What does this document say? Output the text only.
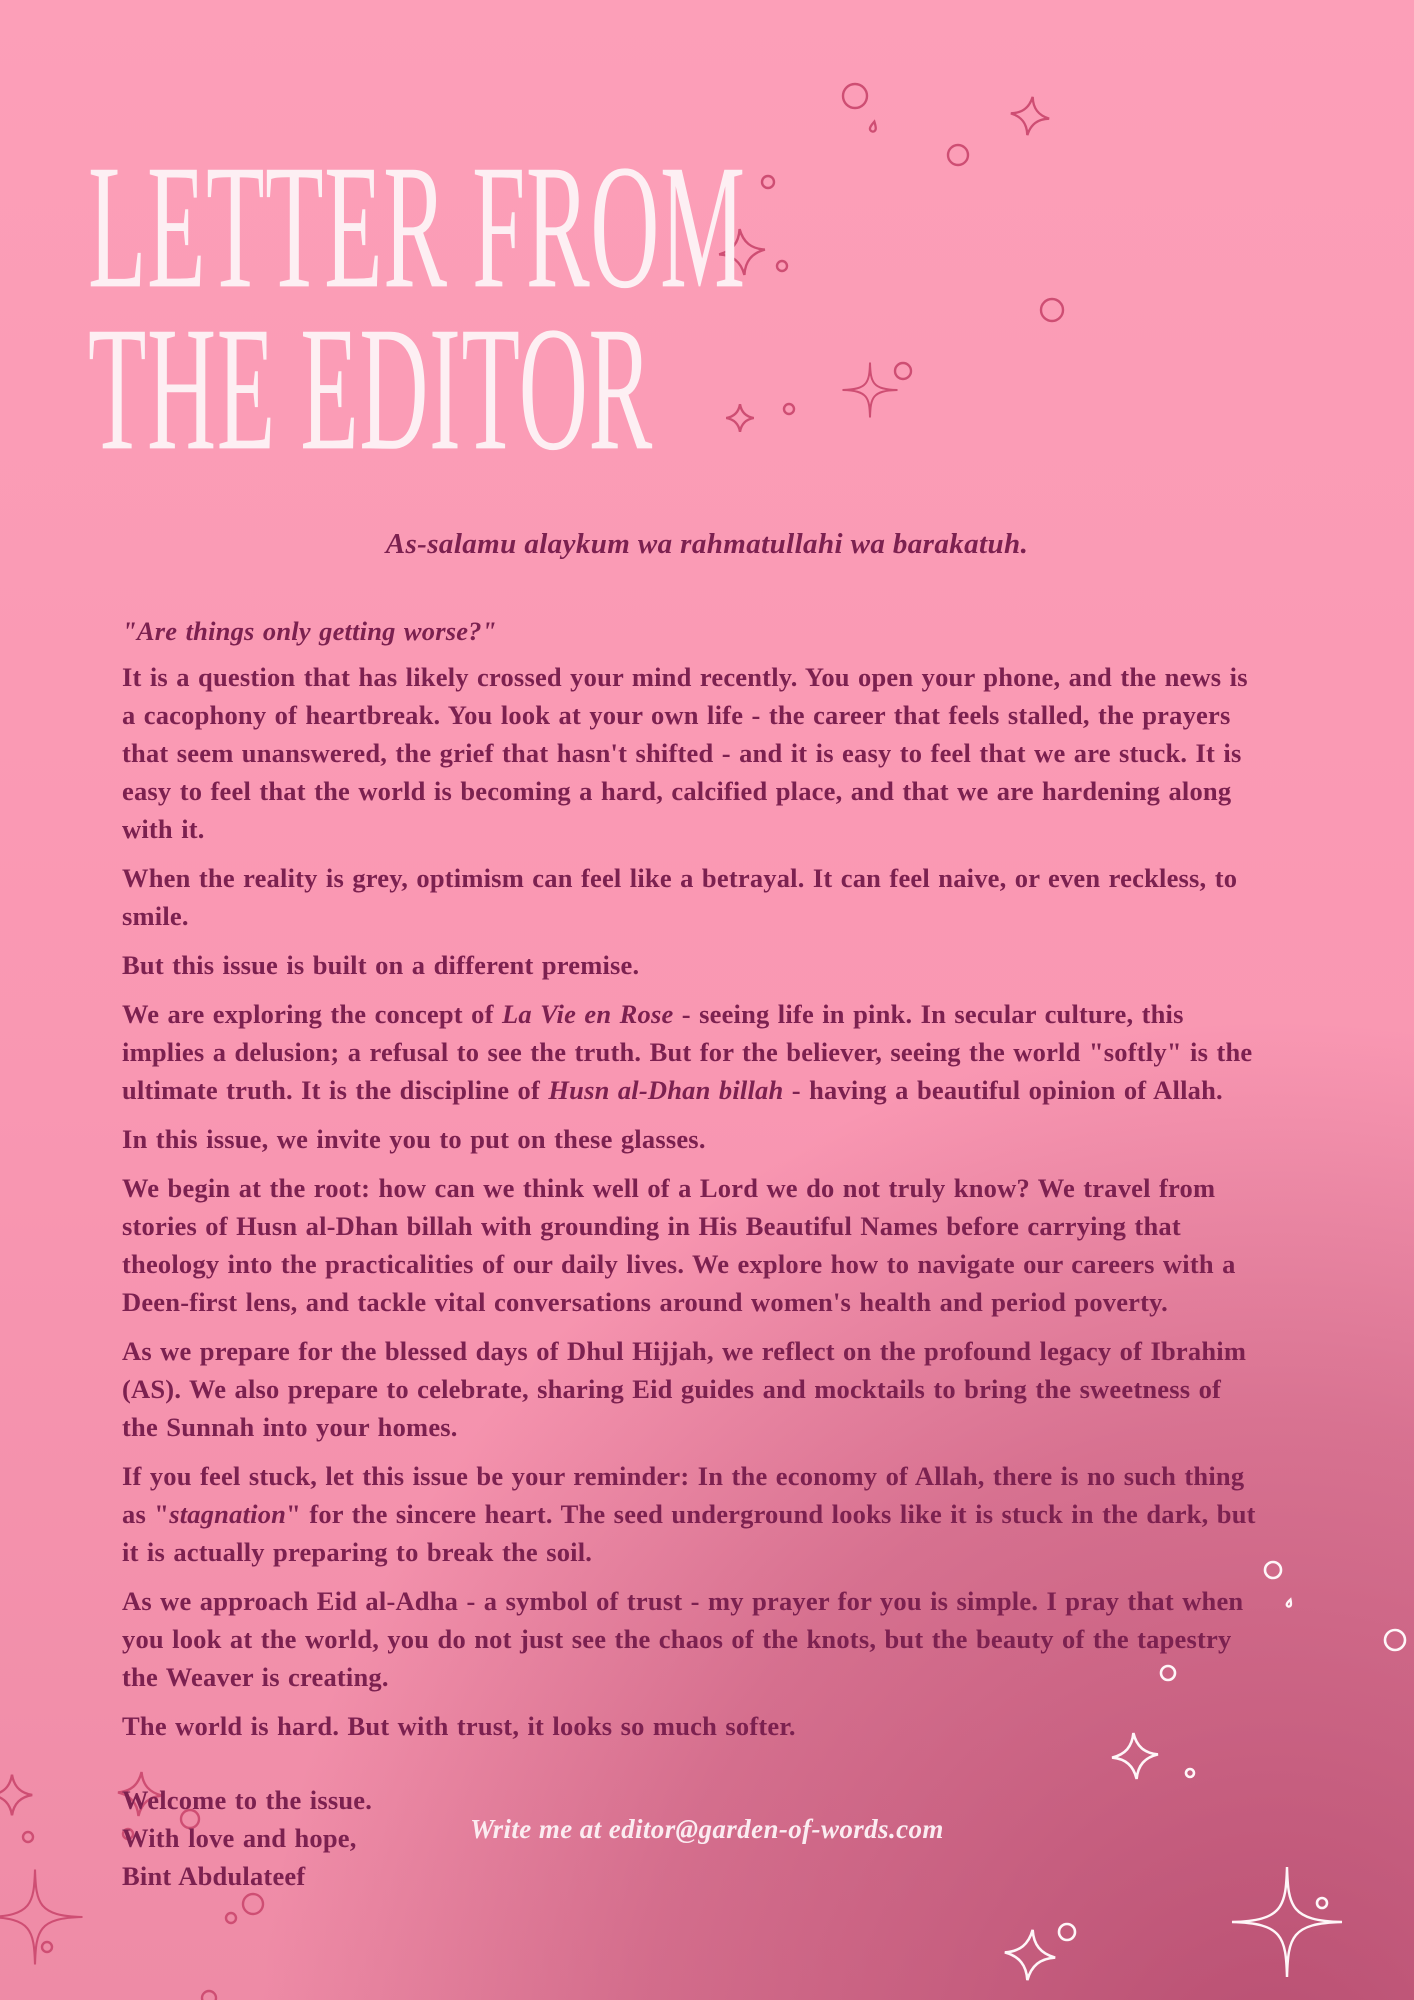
LETTER FROM
THE EDITOR

As-salamu alaykum wa rahmatullahi wa barakatuh.

"Are things only getting worse?"

It is a question that has likely crossed your mind recently. You open your phone, and the news is a cacophony of heartbreak. You look at your own life - the career that feels stalled, the prayers that seem unanswered, the grief that hasn't shifted - and it is easy to feel that we are stuck. It is easy to feel that the world is becoming a hard, calcified place, and that we are hardening along with it.

When the reality is grey, optimism can feel like a betrayal. It can feel naive, or even reckless, to smile.

But this issue is built on a different premise.

We are exploring the concept of La Vie en Rose - seeing life in pink. In secular culture, this implies a delusion; a refusal to see the truth. But for the believer, seeing the world "softly" is the ultimate truth. It is the discipline of Husn al-Dhan billah - having a beautiful opinion of Allah.

In this issue, we invite you to put on these glasses.

We begin at the root: how can we think well of a Lord we do not truly know? We travel from stories of Husn al-Dhan billah with grounding in His Beautiful Names before carrying that theology into the practicalities of our daily lives. We explore how to navigate our careers with a Deen-first lens, and tackle vital conversations around women's health and period poverty.

As we prepare for the blessed days of Dhul Hijjah, we reflect on the profound legacy of Ibrahim (AS). We also prepare to celebrate, sharing Eid guides and mocktails to bring the sweetness of the Sunnah into your homes.

If you feel stuck, let this issue be your reminder: In the economy of Allah, there is no such thing as "stagnation" for the sincere heart. The seed underground looks like it is stuck in the dark, but it is actually preparing to break the soil.

As we approach Eid al-Adha - a symbol of trust - my prayer for you is simple. I pray that when you look at the world, you do not just see the chaos of the knots, but the beauty of the tapestry the Weaver is creating.

The world is hard. But with trust, it looks so much softer.

Welcome to the issue.
With love and hope,
Bint Abdulateef

Write me at editor@garden-of-words.com
